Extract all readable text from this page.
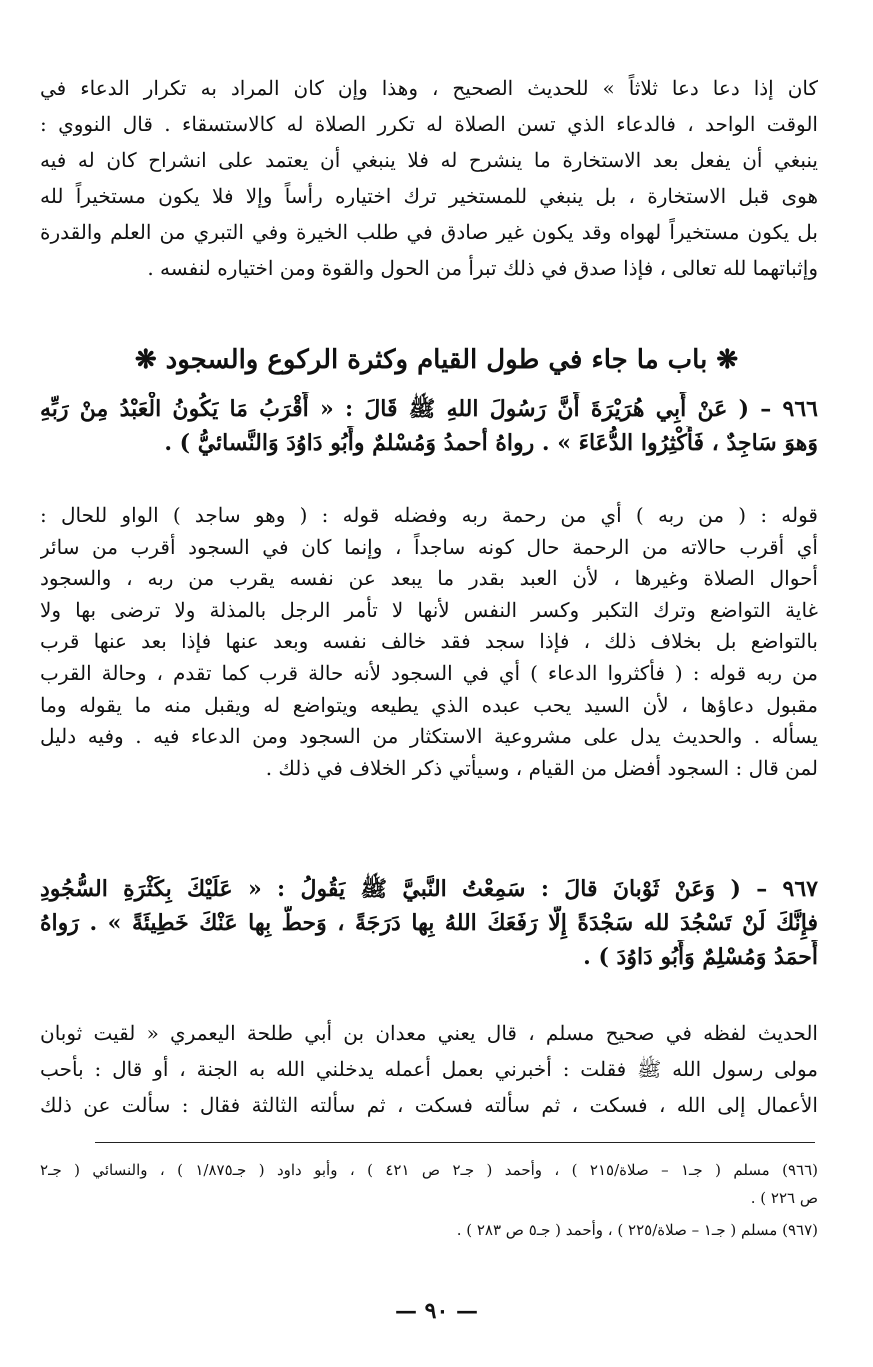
كان إذا دعا دعا ثلاثاً » للحديث الصحيح ، وهذا وإن كان المراد به تكرار الدعاء في
الوقت الواحد ، فالدعاء الذي تسن الصلاة له تكرر الصلاة له كالاستسقاء . قال النووي :
ينبغي أن يفعل بعد الاستخارة ما ينشرح له فلا ينبغي أن يعتمد على انشراح كان له فيه
هوى قبل الاستخارة ، بل ينبغي للمستخير ترك اختياره رأساً وإلا فلا يكون مستخيراً لله
بل يكون مستخيراً لهواه وقد يكون غير صادق في طلب الخيرة وفي التبري من العلم والقدرة
وإثباتهما لله تعالى ، فإذا صدق في ذلك تبرأ من الحول والقوة ومن اختياره لنفسه .
❋ باب ما جاء في طول القيام وكثرة الركوع والسجود ❋
٩٦٦ – ( عَنْ أَبِي هُرَيْرَةَ أَنَّ رَسُولَ اللهِ ﷺ قَالَ : « أَقْرَبُ مَا يَكُونُ الْعَبْدُ مِنْ رَبِّهِ
وَهوَ سَاجِدٌ ، فَأَكْثِرُوا الدُّعَاءَ » . رواهُ أحمدُ وَمُسْلمٌ وأَبُو دَاوُدَ وَالنَّسائيُّ ) .
قوله : ( من ربه ) أي من رحمة ربه وفضله قوله : ( وهو ساجد ) الواو للحال :
أي أقرب حالاته من الرحمة حال كونه ساجداً ، وإنما كان في السجود أقرب من سائر
أحوال الصلاة وغيرها ، لأن العبد بقدر ما يبعد عن نفسه يقرب من ربه ، والسجود
غاية التواضع وترك التكبر وكسر النفس لأنها لا تأمر الرجل بالمذلة ولا ترضى بها ولا
بالتواضع بل بخلاف ذلك ، فإذا سجد فقد خالف نفسه وبعد عنها فإذا بعد عنها قرب
من ربه قوله : ( فأكثروا الدعاء ) أي في السجود لأنه حالة قرب كما تقدم ، وحالة القرب
مقبول دعاؤها ، لأن السيد يحب عبده الذي يطيعه ويتواضع له ويقبل منه ما يقوله وما
يسأله . والحديث يدل على مشروعية الاستكثار من السجود ومن الدعاء فيه . وفيه دليل
لمن قال : السجود أفضل من القيام ، وسيأتي ذكر الخلاف في ذلك .
٩٦٧ – ( وَعَنْ ثَوْبانَ قالَ : سَمِعْتُ النَّبيَّ ﷺ يَقُولُ : « عَلَيْكَ بِكَثْرَةِ السُّجُودِ
فإِنَّكَ لَنْ تَسْجُدَ لله سَجْدَةً إِلَّا رَفَعَكَ اللهُ بِها دَرَجَةً ، وَحطَّ بِها عَنْكَ خَطِيئَةً » . رَواهُ
أَحمَدُ وَمُسْلِمٌ وَأَبُو دَاوُدَ ) .
الحديث لفظه في صحيح مسلم ، قال يعني معدان بن أبي طلحة اليعمري « لقيت ثوبان
مولى رسول الله ﷺ فقلت : أخبرني بعمل أعمله يدخلني الله به الجنة ، أو قال : بأحب
الأعمال إلى الله ، فسكت ، ثم سألته فسكت ، ثم سألته الثالثة فقال : سألت عن ذلك
(٩٦٦) مسلم ( جـ١ – صلاة/٢١٥ ) ، وأحمد ( جـ٢ ص ٤٢١ ) ، وأبو داود ( جـ١/٨٧٥ ) ، والنسائي ( جـ٢
ص ٢٢٦ ) .
(٩٦٧) مسلم ( جـ١ – صلاة/٢٢٥ ) ، وأحمد ( جـ٥ ص ٢٨٣ ) .
— ٩٠ —
